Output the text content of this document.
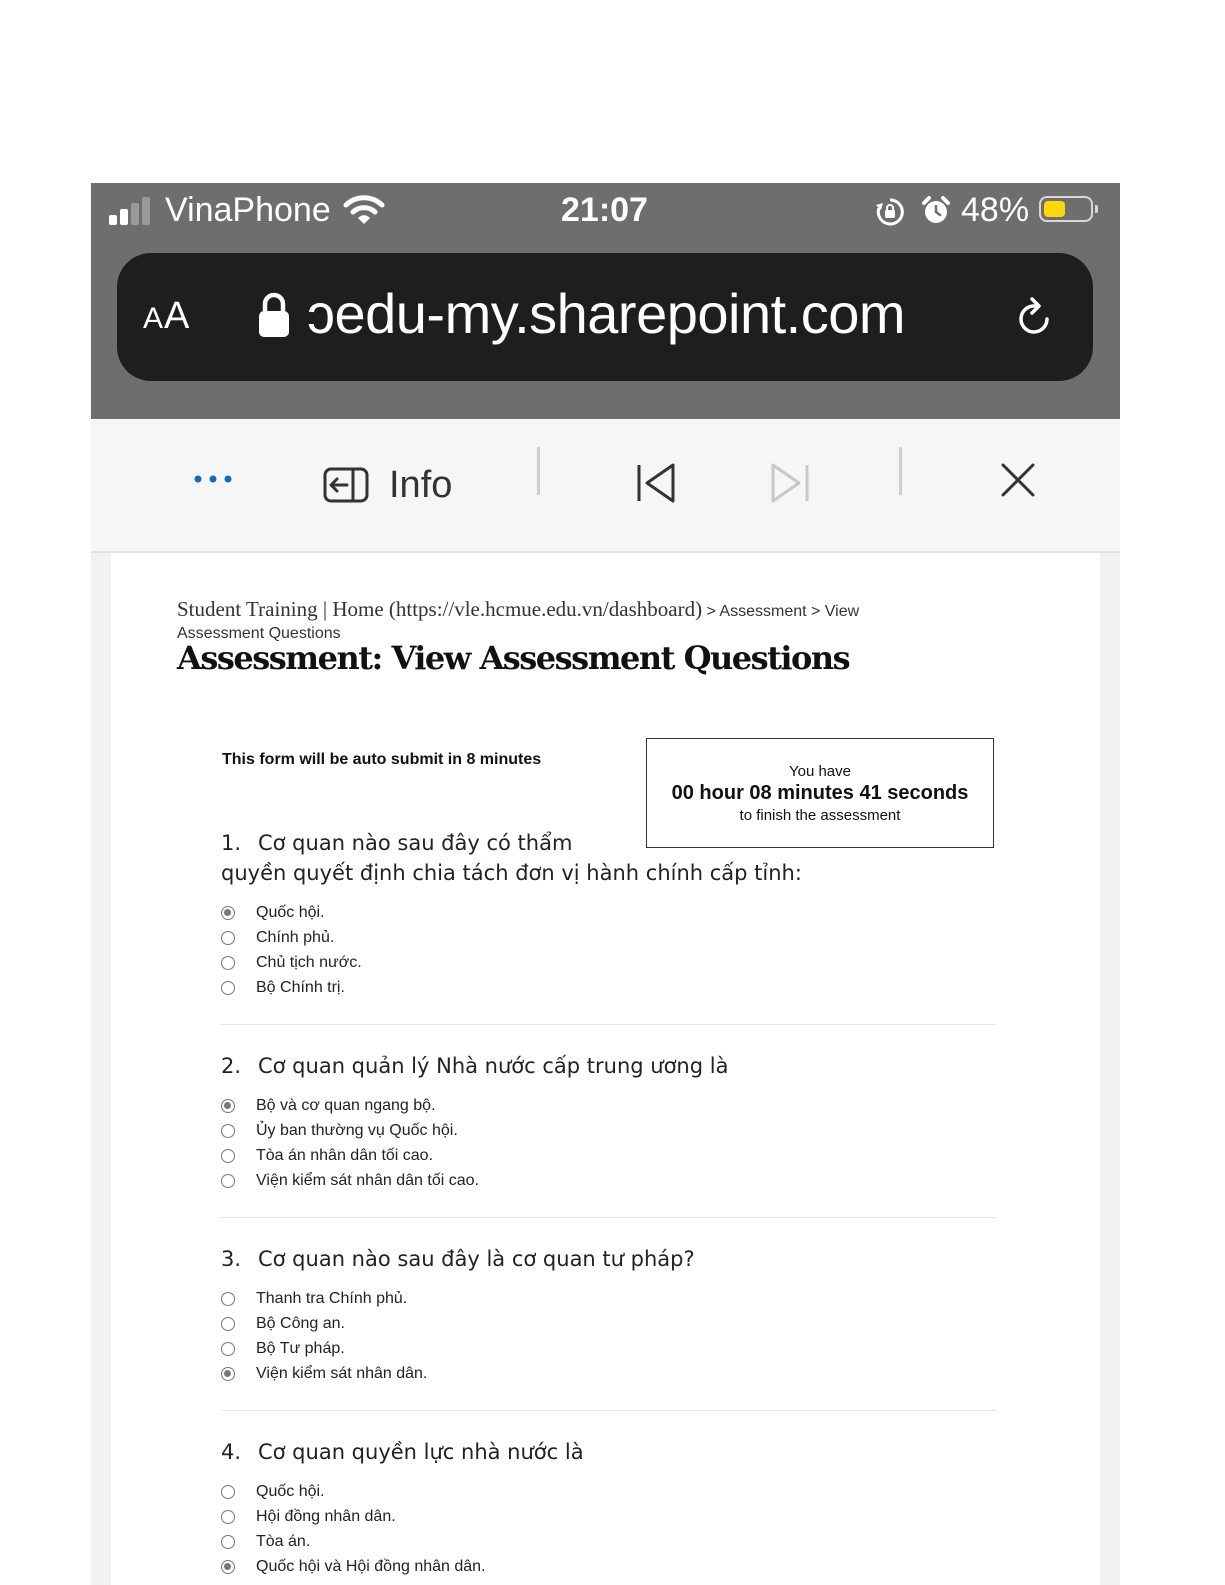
VinaPhone	21:07	48%
AA ɔedu-my.sharepoint.com
Info
Student Training | Home (https://vle.hcmue.edu.vn/dashboard) > Assessment > View
Assessment Questions
Assessment: View Assessment Questions
This form will be auto submit in 8 minutes
You have
00 hour 08 minutes 41 seconds
to finish the assessment
1. Cơ quan nào sau đây có thẩm
quyền quyết định chia tách đơn vị hành chính cấp tỉnh:
Quốc hội.
Chính phủ.
Chủ tịch nước.
Bộ Chính trị.
2. Cơ quan quản lý Nhà nước cấp trung ương là
Bộ và cơ quan ngang bộ.
Ủy ban thường vụ Quốc hội.
Tòa án nhân dân tối cao.
Viện kiểm sát nhân dân tối cao.
3. Cơ quan nào sau đây là cơ quan tư pháp?
Thanh tra Chính phủ.
Bộ Công an.
Bộ Tư pháp.
Viện kiểm sát nhân dân.
4. Cơ quan quyền lực nhà nước là
Quốc hội.
Hội đồng nhân dân.
Tòa án.
Quốc hội và Hội đồng nhân dân.
